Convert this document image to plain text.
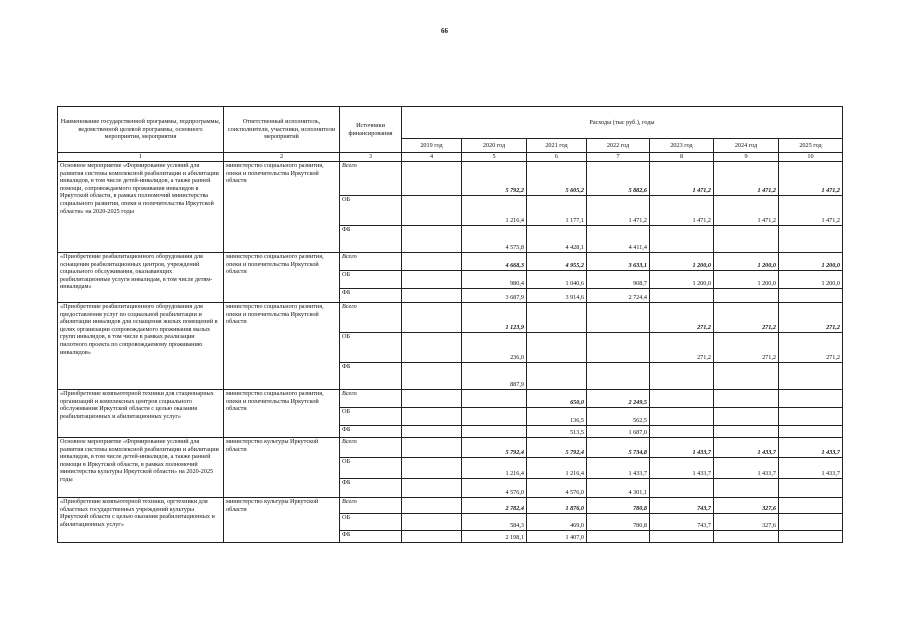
66
Наименование государственной программы, подпрограммы, ведомственной целевой программы, основного мероприятия, мероприятия	Ответственный исполнитель, соисполнители, участники, исполнители мероприятий	Источники финансирования	Расходы (тыс руб.), годы						
			2019 год	2020 год	2021 год	2022 год	2023 год	2024 год	2025 год
1	2	3	4	5	6	7	8	9	10
Основное мероприятие «Формирование условий для развития системы комплексной реабилитации и абилитации инвалидов, в том числе детей-инвалидов, а также ранней помощи, сопровождаемого проживания инвалидов в Иркутской области, в рамках полномочий министерства социального развития, опеки и попечительства Иркутской области» на 2020-2025 годы	министерство социального развития, опеки и попечительства Иркутской области	Всего		5 792,2	5 605,2	5 882,6	1 471,2	1 471,2	1 471,2
		ОБ		1 216,4	1 177,1	1 471,2	1 471,2	1 471,2	1 471,2
		ФБ		4 575,8	4 428,1	4 411,4			
«Приобретение реабилитационного оборудования для оснащения реабилитационных центров, учреждений социального обслуживания, оказывающих реабилитационные услуги инвалидам, в том числе детям-инвалидам»	министерство социального развития, опеки и попечительства Иркутской области	Всего		4 668,3	4 955,2	3 633,1	1 200,0	1 200,0	1 200,0
		ОБ		980,4	1 040,6	908,7	1 200,0	1 200,0	1 200,0
		ФБ		3 687,9	3 914,6	2 724,4			
«Приобретение реабилитационного оборудования для предоставления услуг по социальной реабилитации и абилитации инвалидов для оснащения жилых помещений в целях организации сопровождаемого проживания малых групп инвалидов, в том числе в рамках реализации пилотного проекта по сопровождаемому проживанию инвалидов»	министерство социального развития, опеки и попечительства Иркутской области	Всего		1 123,9			271,2	271,2	271,2
		ОБ		236,0			271,2	271,2	271,2
		ФБ		887,9					
«Приобретение компьютерной техники для стационарных организаций и комплексных центров социального обслуживания Иркутской области с целью оказания реабилитационных и абилитационных услуг»	министерство социального развития, опеки и попечительства Иркутской области	Всего			650,0	2 249,5			
		ОБ			136,5	562,5			
		ФБ			513,5	1 687,0			
Основное мероприятие «Формирование условий для развития системы комплексной реабилитации и абилитации инвалидов, в том числе детей-инвалидов, а также ранней помощи в Иркутской области, в рамках полномочий министерства культуры Иркутской области» на 2020-2025 годы	министерство культуры Иркутской области	Всего		5 792,4	5 792,4	5 734,8	1 433,7	1 433,7	1 433,7
		ОБ		1 216,4	1 216,4	1 433,7	1 433,7	1 433,7	1 433,7
		ФБ		4 576,0	4 576,0	4 301,1			
«Приобретение компьютерной техники, оргтехники для областных государственных учреждений культуры Иркутской области с целью оказания реабилитационных и абилитационных услуг»	министерство культуры Иркутской области	Всего		2 782,4	1 876,0	780,8	743,7	327,6	
		ОБ		584,3	469,0	780,8	743,7	327,6	
		ФБ		2 198,1	1 407,0				
